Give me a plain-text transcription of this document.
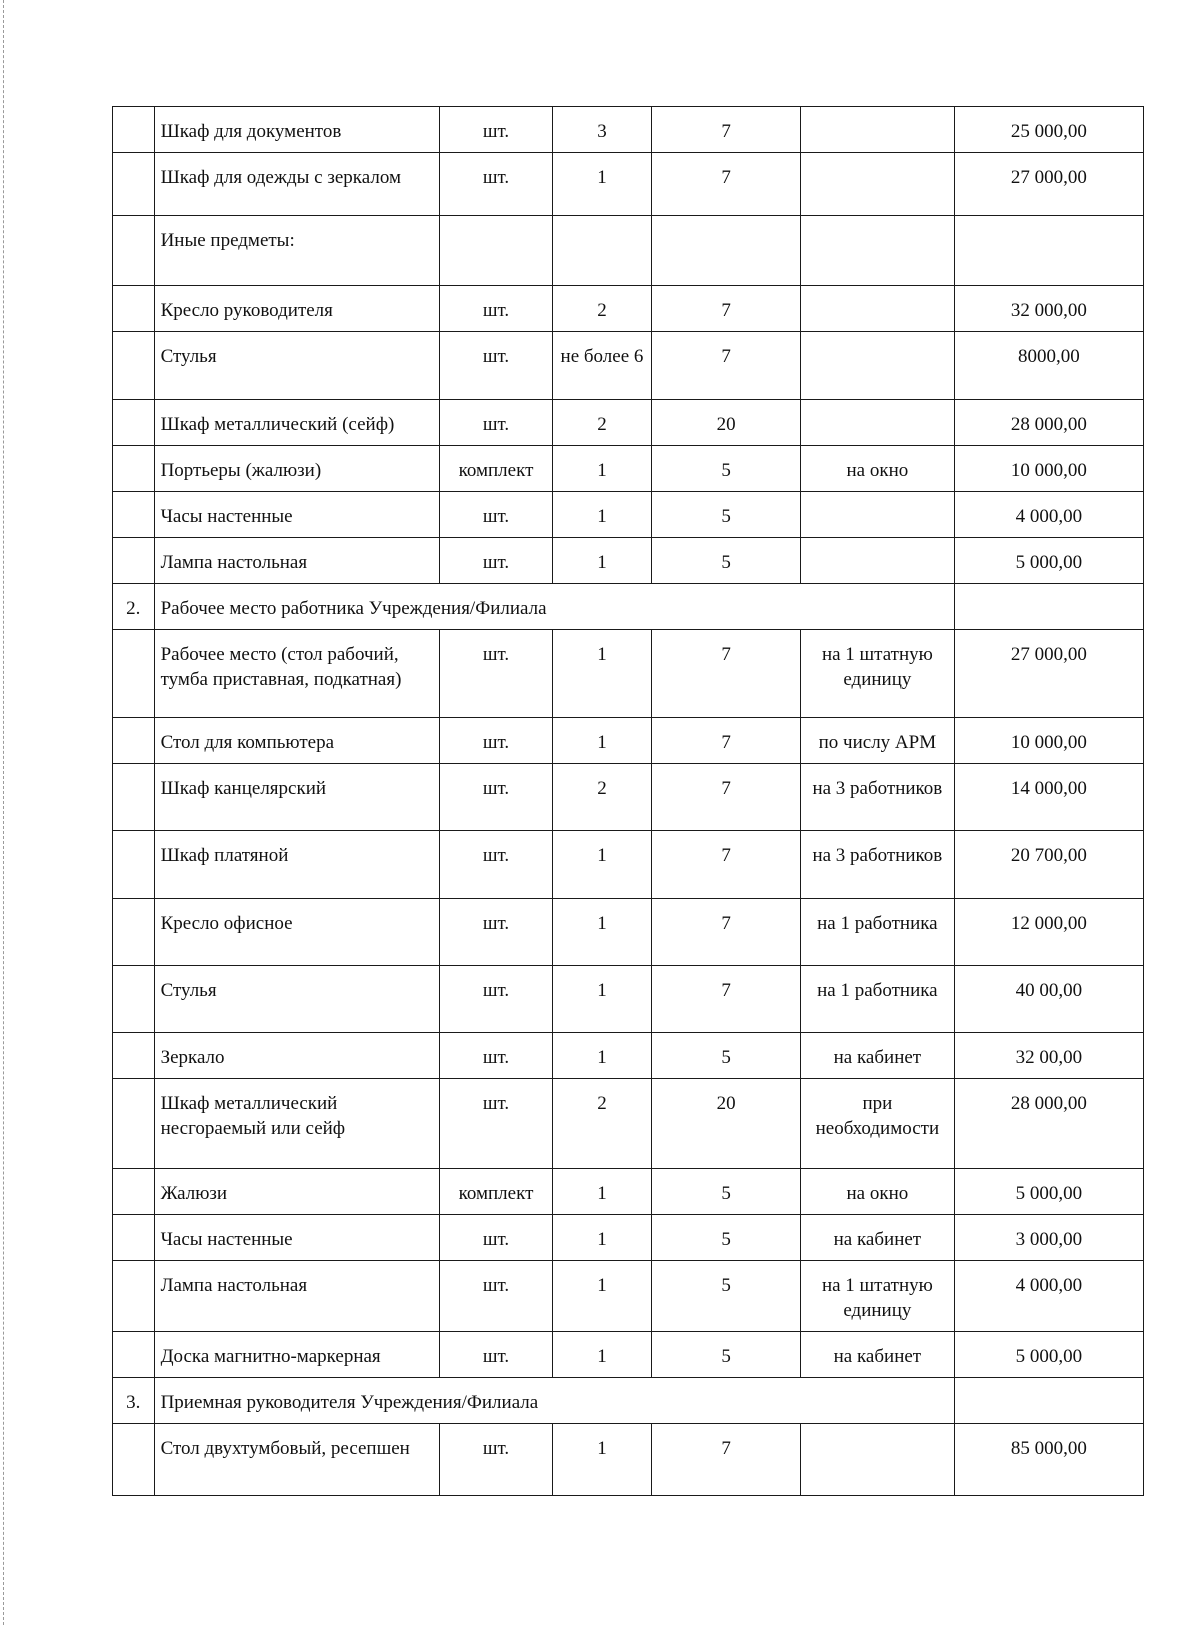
	Шкаф для документов	шт.	3	7		25 000,00
	Шкаф для одежды с зеркалом	шт.	1	7		27 000,00
	Иные предметы:					
	Кресло руководителя	шт.	2	7		32 000,00
	Стулья	шт.	не более 6	7		8000,00
	Шкаф металлический (сейф)	шт.	2	20		28 000,00
	Портьеры (жалюзи)	комплект	1	5	на окно	10 000,00
	Часы настенные	шт.	1	5		4 000,00
	Лампа настольная	шт.	1	5		5 000,00
2.	Рабочее место работника Учреждения/Филиала					
	Рабочее место (стол рабочий, тумба приставная, подкатная)	шт.	1	7	на 1 штатную единицу	27 000,00
	Стол для компьютера	шт.	1	7	по числу АРМ	10 000,00
	Шкаф канцелярский	шт.	2	7	на 3 работников	14 000,00
	Шкаф платяной	шт.	1	7	на 3 работников	20 700,00
	Кресло офисное	шт.	1	7	на 1 работника	12 000,00
	Стулья	шт.	1	7	на 1 работника	40 00,00
	Зеркало	шт.	1	5	на кабинет	32 00,00
	Шкаф металлический несгораемый или сейф	шт.	2	20	при необходимости	28 000,00
	Жалюзи	комплект	1	5	на окно	5 000,00
	Часы настенные	шт.	1	5	на кабинет	3 000,00
	Лампа настольная	шт.	1	5	на 1 штатную единицу	4 000,00
	Доска магнитно-маркерная	шт.	1	5	на кабинет	5 000,00
3.	Приемная руководителя Учреждения/Филиала					
	Стол двухтумбовый, ресепшен	шт.	1	7		85 000,00
